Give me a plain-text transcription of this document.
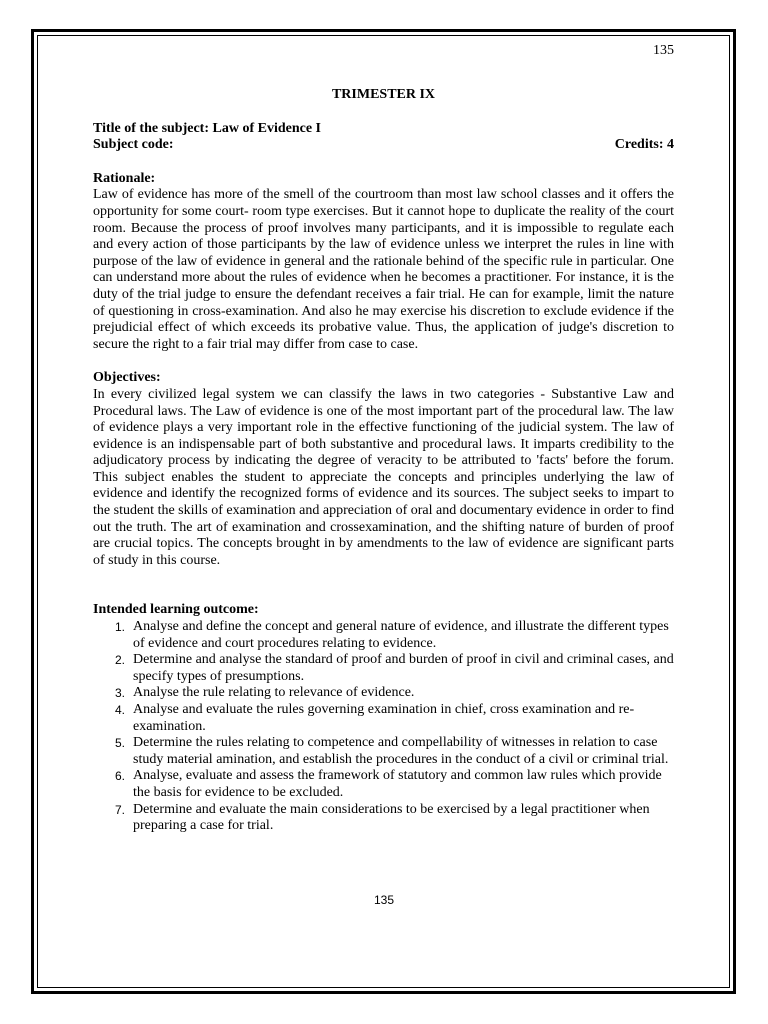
135

TRIMESTER IX

Title of the subject: Law of Evidence I

Subject code:	Credits: 4

Rationale:

Law of evidence has more of the smell of the courtroom than most law school classes and it offers the opportunity for some court- room type exercises. But it cannot hope to duplicate the reality of the court room. Because the process of proof involves many participants, and it is impossible to regulate each and every action of those participants by the law of evidence unless we interpret the rules in line with purpose of the law of evidence in general and the rationale behind of the specific rule in particular. One can understand more about the rules of evidence when he becomes a practitioner. For instance, it is the duty of the trial judge to ensure the defendant receives a fair trial. He can for example, limit the nature of questioning in cross-examination. And also he may exercise his discretion to exclude evidence if the prejudicial effect of which exceeds its probative value. Thus, the application of judge's discretion to secure the right to a fair trial may differ from case to case.

Objectives:

In every civilized legal system we can classify the laws in two categories - Substantive Law and Procedural laws. The Law of evidence is one of the most important part of the procedural law. The law of evidence plays a very important role in the effective functioning of the judicial system. The law of evidence is an indispensable part of both substantive and procedural laws. It imparts credibility to the adjudicatory process by indicating the degree of veracity to be attributed to 'facts' before the forum. This subject enables the student to appreciate the concepts and principles underlying the law of evidence and identify the recognized forms of evidence and its sources. The subject seeks to impart to the student the skills of examination and appreciation of oral and documentary evidence in order to find out the truth. The art of examination and crossexamination, and the shifting nature of burden of proof are crucial topics. The concepts brought in by amendments to the law of evidence are significant parts of study in this course.

Intended learning outcome:

1. Analyse and define the concept and general nature of evidence, and illustrate the different types of evidence and court procedures relating to evidence.
2. Determine and analyse the standard of proof and burden of proof in civil and criminal cases, and specify types of presumptions.
3. Analyse the rule relating to relevance of evidence.
4. Analyse and evaluate the rules governing examination in chief, cross examination and re-examination.
5. Determine the rules relating to competence and compellability of witnesses in relation to case study material amination, and establish the procedures in the conduct of a civil or criminal trial.
6. Analyse, evaluate and assess the framework of statutory and common law rules which provide the basis for evidence to be excluded.
7. Determine and evaluate the main considerations to be exercised by a legal practitioner when preparing a case for trial.
135
